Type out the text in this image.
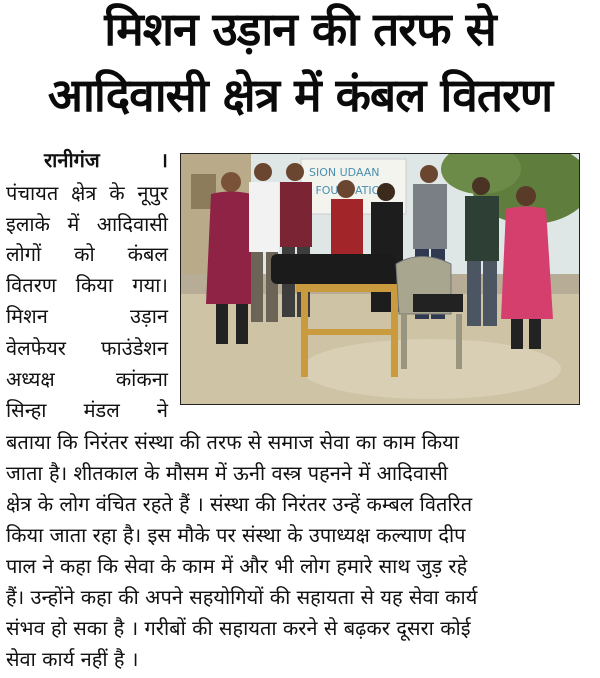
मिशन उड़ान की तरफ से
आदिवासी क्षेत्र में कंबल वितरण
SION UDAAN
रानीगंज	।
पंचायत क्षेत्र के नूपुर
इलाके में आदिवासी
लोगों को कंबल
वितरण किया गया।
मिशन	उड़ान
वेलफेयर फाउंडेशन
अध्यक्ष	कांकना
सिन्हा मंडल ने
बताया कि निरंतर संस्था की तरफ से समाज सेवा का काम किया
जाता है। शीतकाल के मौसम में ऊनी वस्त्र पहनने में आदिवासी
क्षेत्र के लोग वंचित रहते हैं । संस्था की निरंतर उन्हें कम्बल वितरित
किया जाता रहा है। इस मौके पर संस्था के उपाध्यक्ष कल्याण दीप
पाल ने कहा कि सेवा के काम में और भी लोग हमारे साथ जुड़ रहे
हैं। उन्होंने कहा की अपने सहयोगियों की सहायता से यह सेवा कार्य
संभव हो सका है । गरीबों की सहायता करने से बढ़कर दूसरा कोई
सेवा कार्य नहीं है ।
